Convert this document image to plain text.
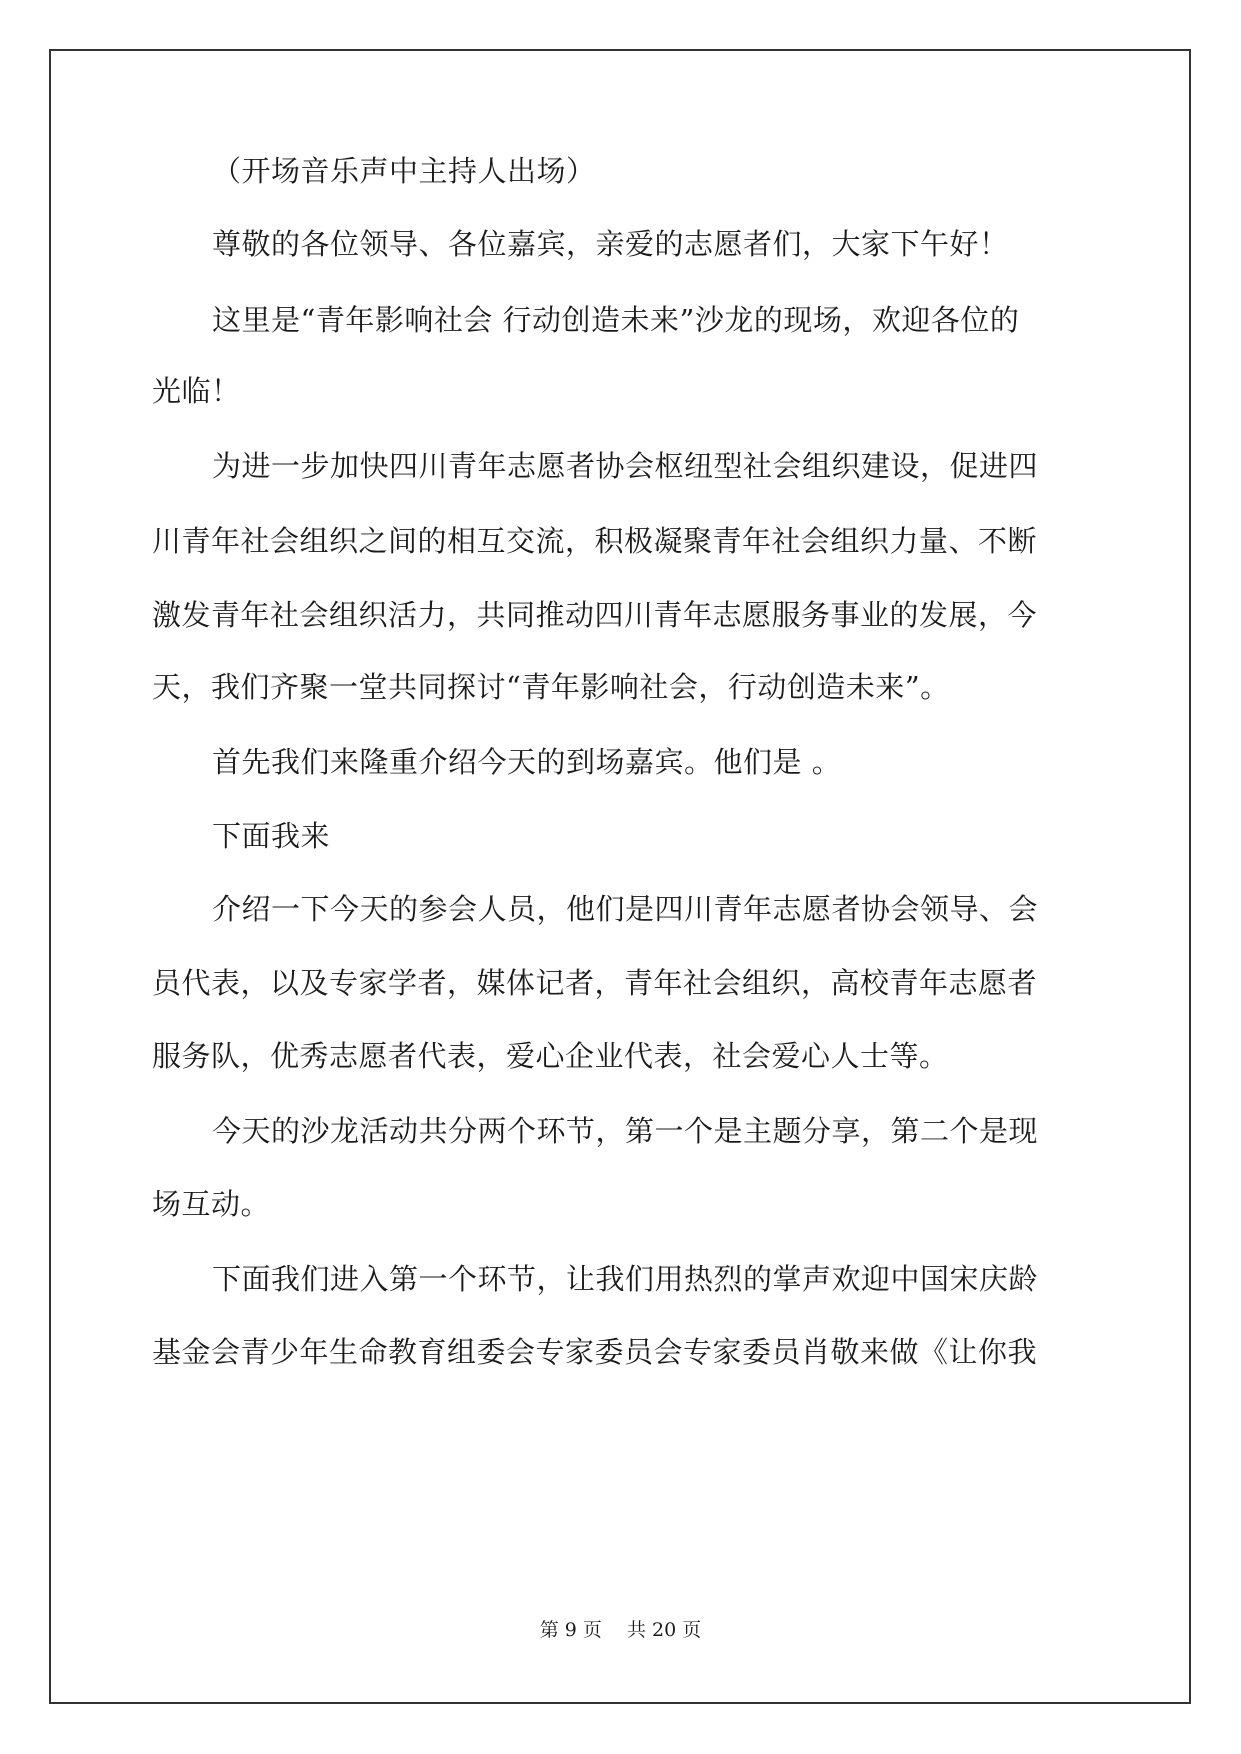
（开场音乐声中主持人出场）
尊敬的各位领导、各位嘉宾，亲爱的志愿者们，大家下午好！
这里是“青年影响社会 行动创造未来”沙龙的现场，欢迎各位的
光临！
为进一步加快四川青年志愿者协会枢纽型社会组织建设，促进四
川青年社会组织之间的相互交流，积极凝聚青年社会组织力量、不断
激发青年社会组织活力，共同推动四川青年志愿服务事业的发展，今
天，我们齐聚一堂共同探讨“青年影响社会，行动创造未来”。
首先我们来隆重介绍今天的到场嘉宾。他们是 。
下面我来
介绍一下今天的参会人员，他们是四川青年志愿者协会领导、会
员代表，以及专家学者，媒体记者，青年社会组织，高校青年志愿者
服务队，优秀志愿者代表，爱心企业代表，社会爱心人士等。
今天的沙龙活动共分两个环节，第一个是主题分享，第二个是现
场互动。
下面我们进入第一个环节，让我们用热烈的掌声欢迎中国宋庆龄
基金会青少年生命教育组委会专家委员会专家委员肖敬来做《让你我
第 9 页　 共 20 页
